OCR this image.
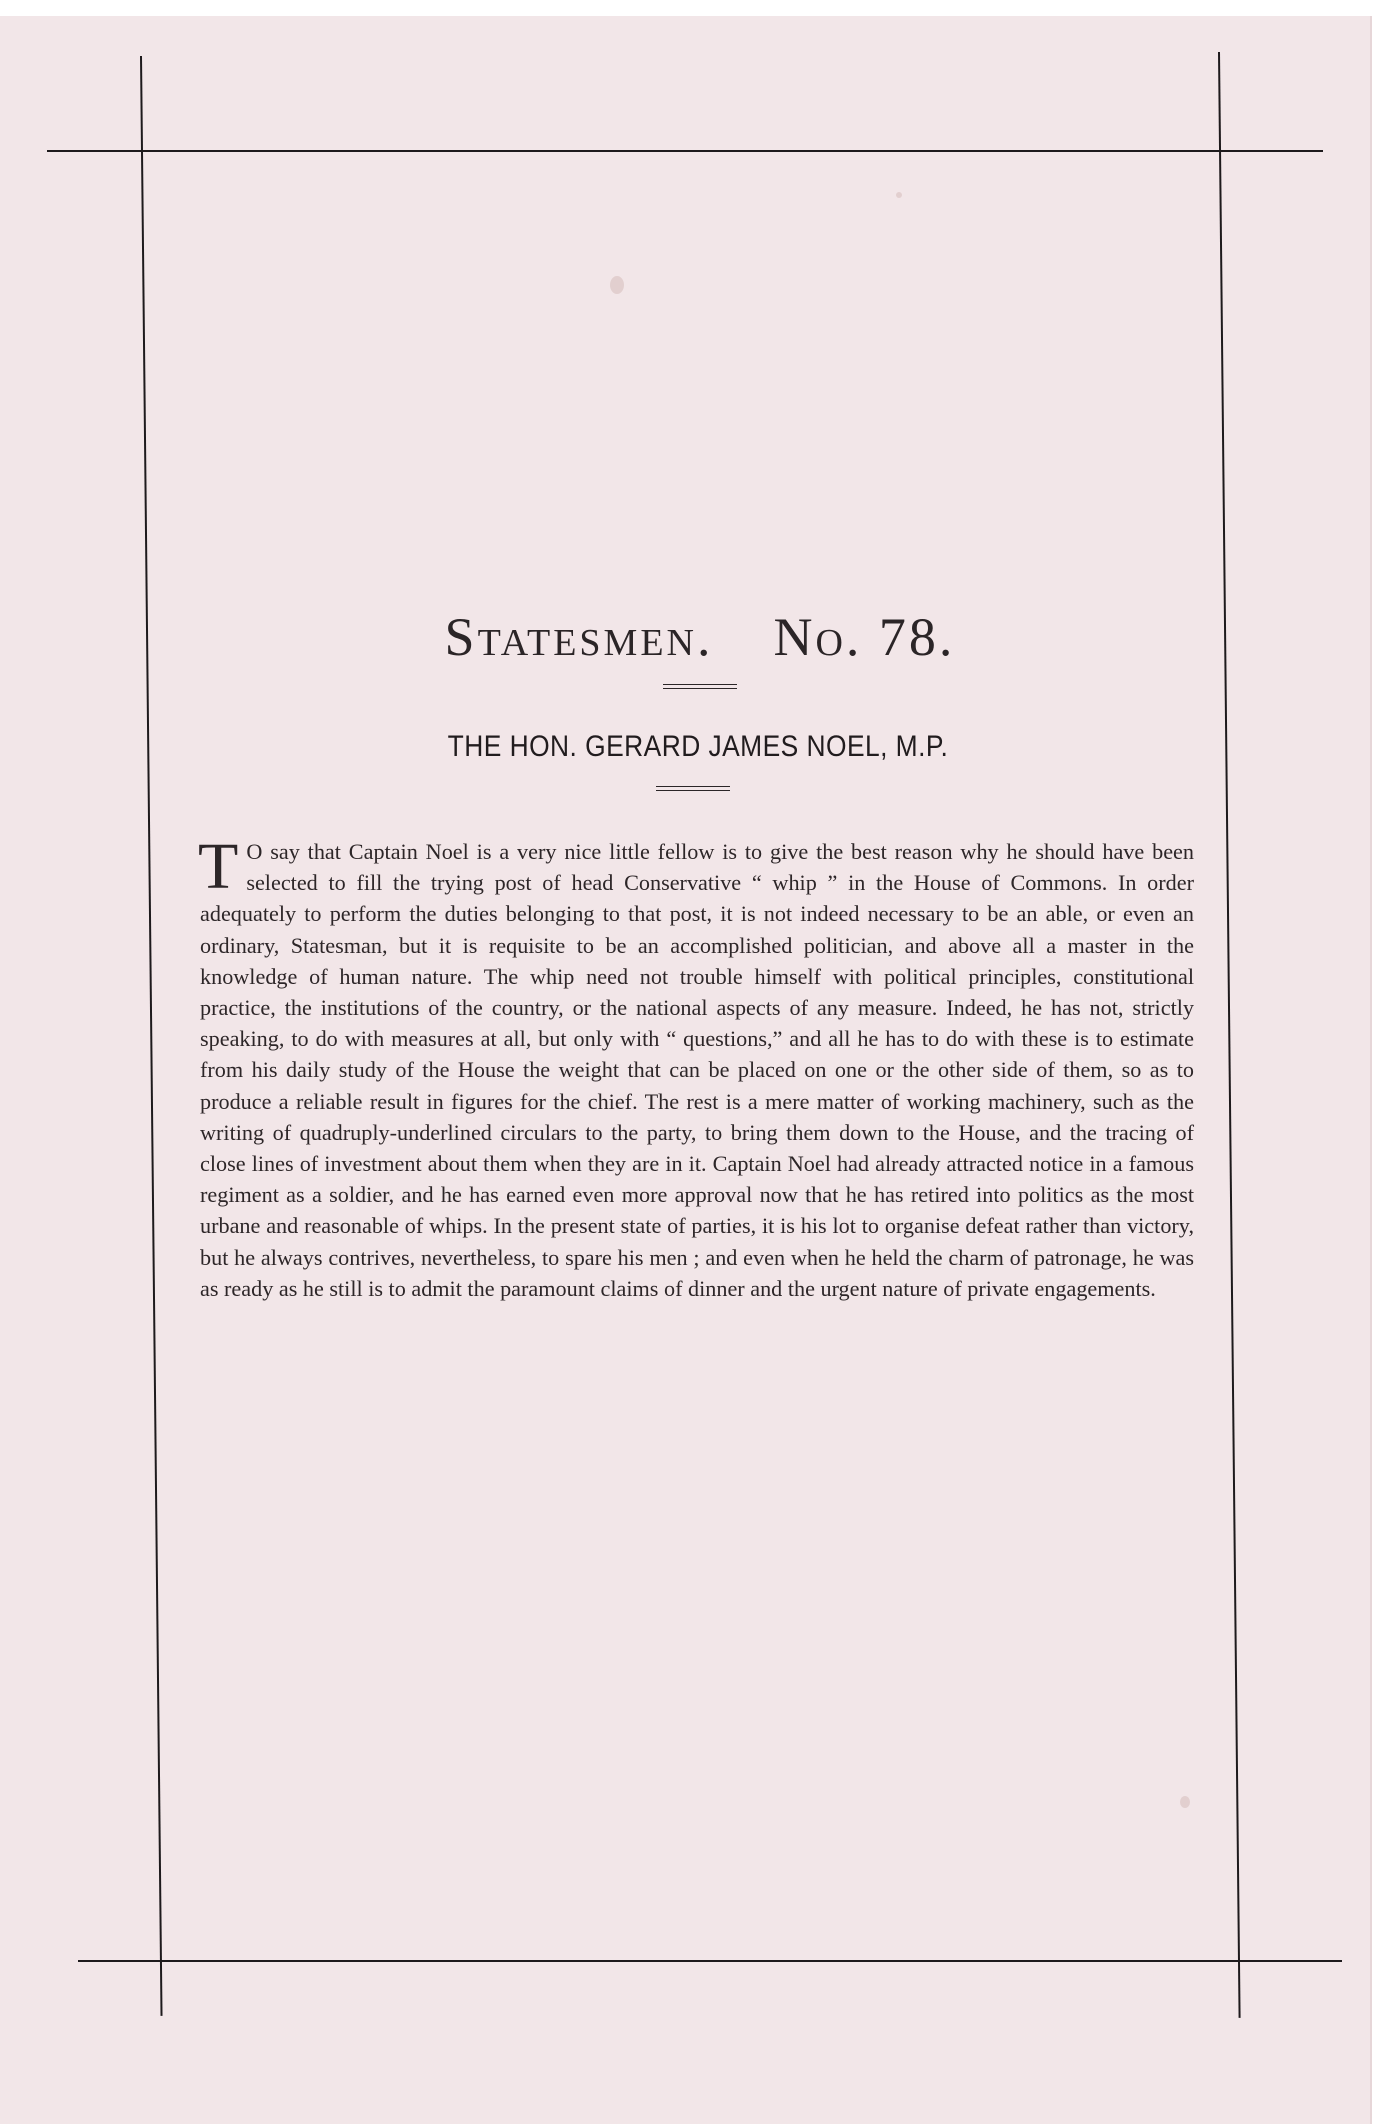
Statesmen. No. 78.
THE HON. GERARD JAMES NOEL, M.P.
T O say that Captain Noel is a very nice little fellow is to give the best reason why he should have been selected to fill the trying post of head Conservative “ whip ” in the House of Commons. In order adequately to perform the duties belonging to that post, it is not indeed necessary to be an able, or even an ordinary, Statesman, but it is requisite to be an accomplished politician, and above all a master in the knowledge of human nature. The whip need not trouble himself with political principles, constitutional practice, the institutions of the country, or the national aspects of any measure. Indeed, he has not, strictly speaking, to do with measures at all, but only with “ questions,” and all he has to do with these is to estimate from his daily study of the House the weight that can be placed on one or the other side of them, so as to produce a reliable result in figures for the chief. The rest is a mere matter of working machinery, such as the writing of quadruply-underlined circulars to the party, to bring them down to the House, and the tracing of close lines of investment about them when they are in it. Captain Noel had already attracted notice in a famous regiment as a soldier, and he has earned even more approval now that he has retired into politics as the most urbane and reasonable of whips. In the present state of parties, it is his lot to organise defeat rather than victory, but he always contrives, nevertheless, to spare his men ; and even when he held the charm of patronage, he was as ready as he still is to admit the paramount claims of dinner and the urgent nature of private engagements.
